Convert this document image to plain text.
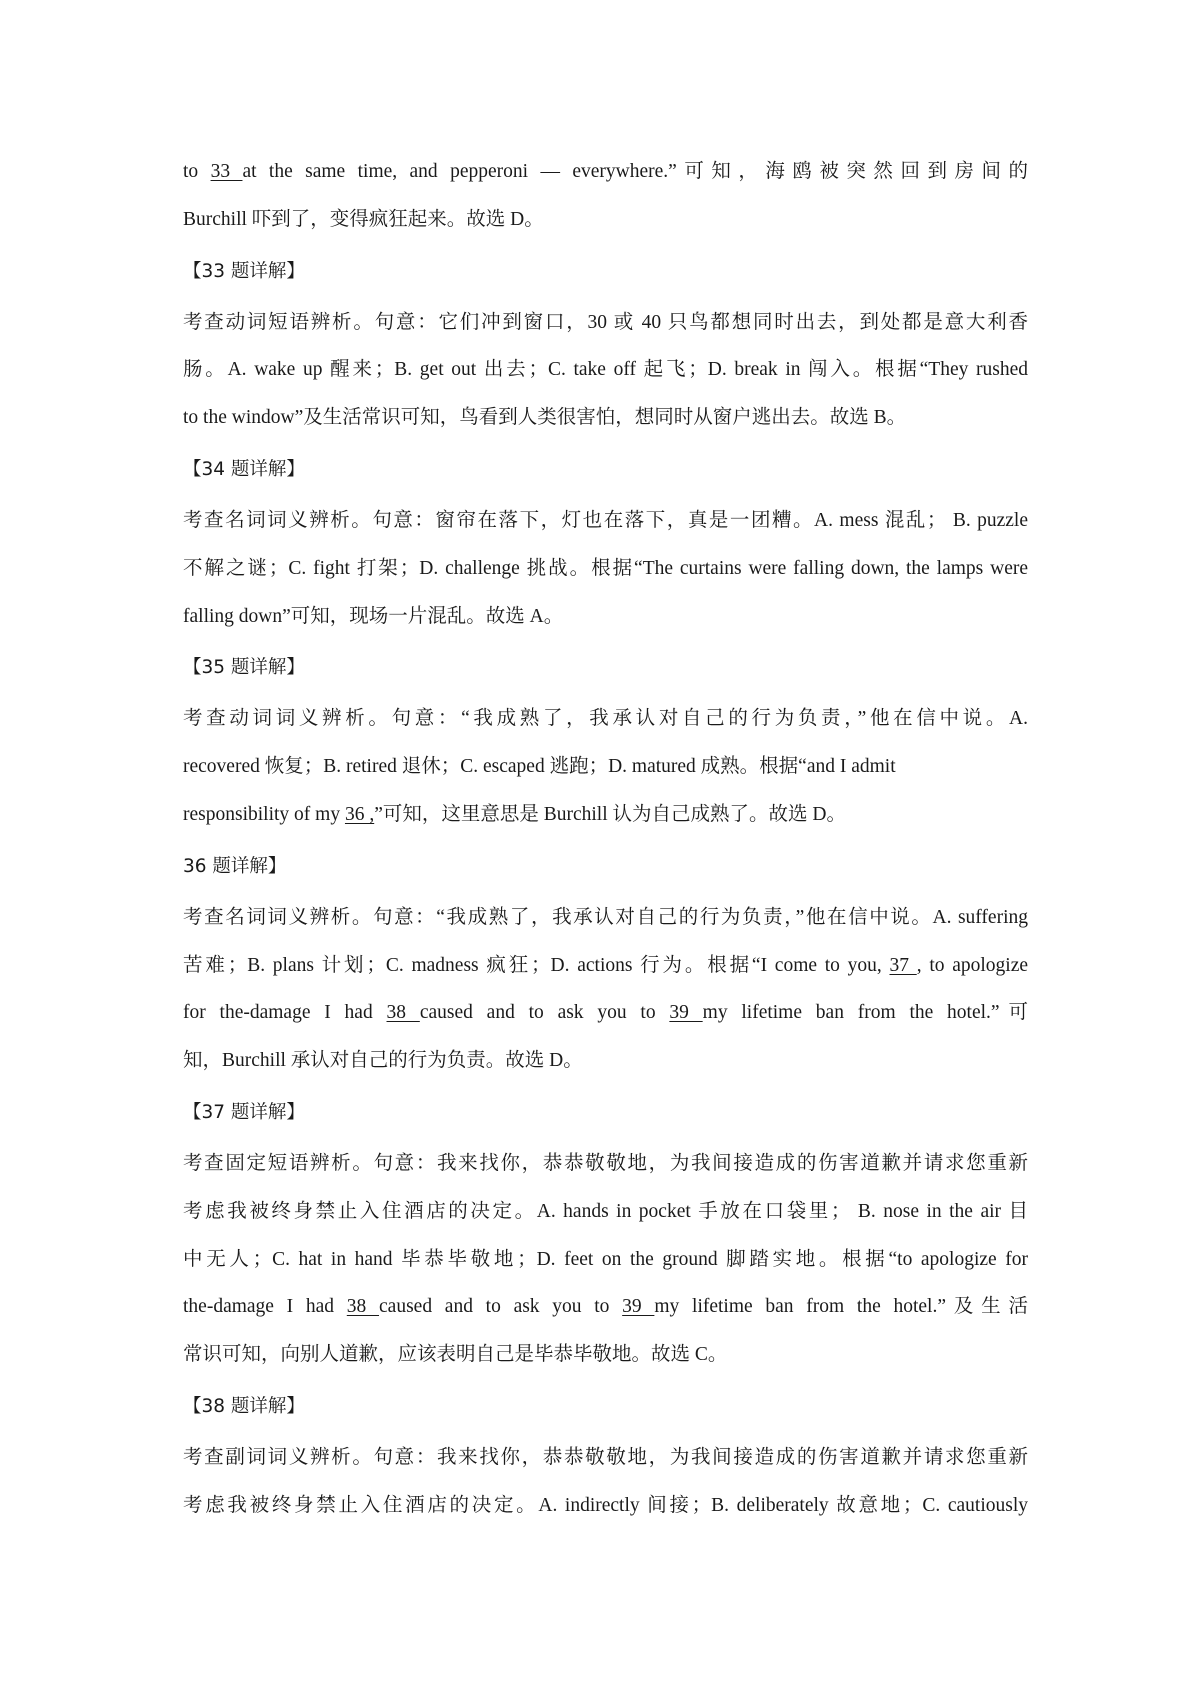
to 33 at the same time, and pepperoni — everywhere.”可知，海鸥被突然回到房间的
Burchill 吓到了，变得疯狂起来。故选 D。
【33 题详解】
考查动词短语辨析。句意：它们冲到窗口，30 或 40 只鸟都想同时出去，到处都是意大利香
肠。A. wake up 醒来；B. get out 出去；C. take off 起飞；D. break in 闯入。根据“They rushed
to the window”及生活常识可知，鸟看到人类很害怕，想同时从窗户逃出去。故选 B。
【34 题详解】
考查名词词义辨析。句意：窗帘在落下，灯也在落下，真是一团糟。A. mess 混乱； B. puzzle
不解之谜；C. fight 打架；D. challenge 挑战。根据“The curtains were falling down, the lamps were
falling down”可知，现场一片混乱。故选 A。
【35 题详解】
考查动词词义辨析。句意：“我成熟了，我承认对自己的行为负责，”他在信中说。A.
recovered 恢复；B. retired 退休；C. escaped 逃跑；D. matured 成熟。根据“and I admit
responsibility of my 36 ,”可知，这里意思是 Burchill 认为自己成熟了。故选 D。
36 题详解】
考查名词词义辨析。句意：“我成熟了，我承认对自己的行为负责，”他在信中说。A. suffering
苦难；B. plans 计划；C. madness 疯狂；D. actions 行为。根据“I come to you, 37 , to apologize
for the-damage I had 38 caused and to ask you to 39 my lifetime ban from the hotel.”可
知，Burchill 承认对自己的行为负责。故选 D。
【37 题详解】
考查固定短语辨析。句意：我来找你，恭恭敬敬地，为我间接造成的伤害道歉并请求您重新
考虑我被终身禁止入住酒店的决定。A. hands in pocket 手放在口袋里； B. nose in the air 目
中无人；C. hat in hand 毕恭毕敬地；D. feet on the ground 脚踏实地。根据“to apologize for
the-damage I had 38 caused and to ask you to 39 my lifetime ban from the hotel.”及生活
常识可知，向别人道歉，应该表明自己是毕恭毕敬地。故选 C。
【38 题详解】
考查副词词义辨析。句意：我来找你，恭恭敬敬地，为我间接造成的伤害道歉并请求您重新
考虑我被终身禁止入住酒店的决定。A. indirectly 间接；B. deliberately 故意地；C. cautiously
